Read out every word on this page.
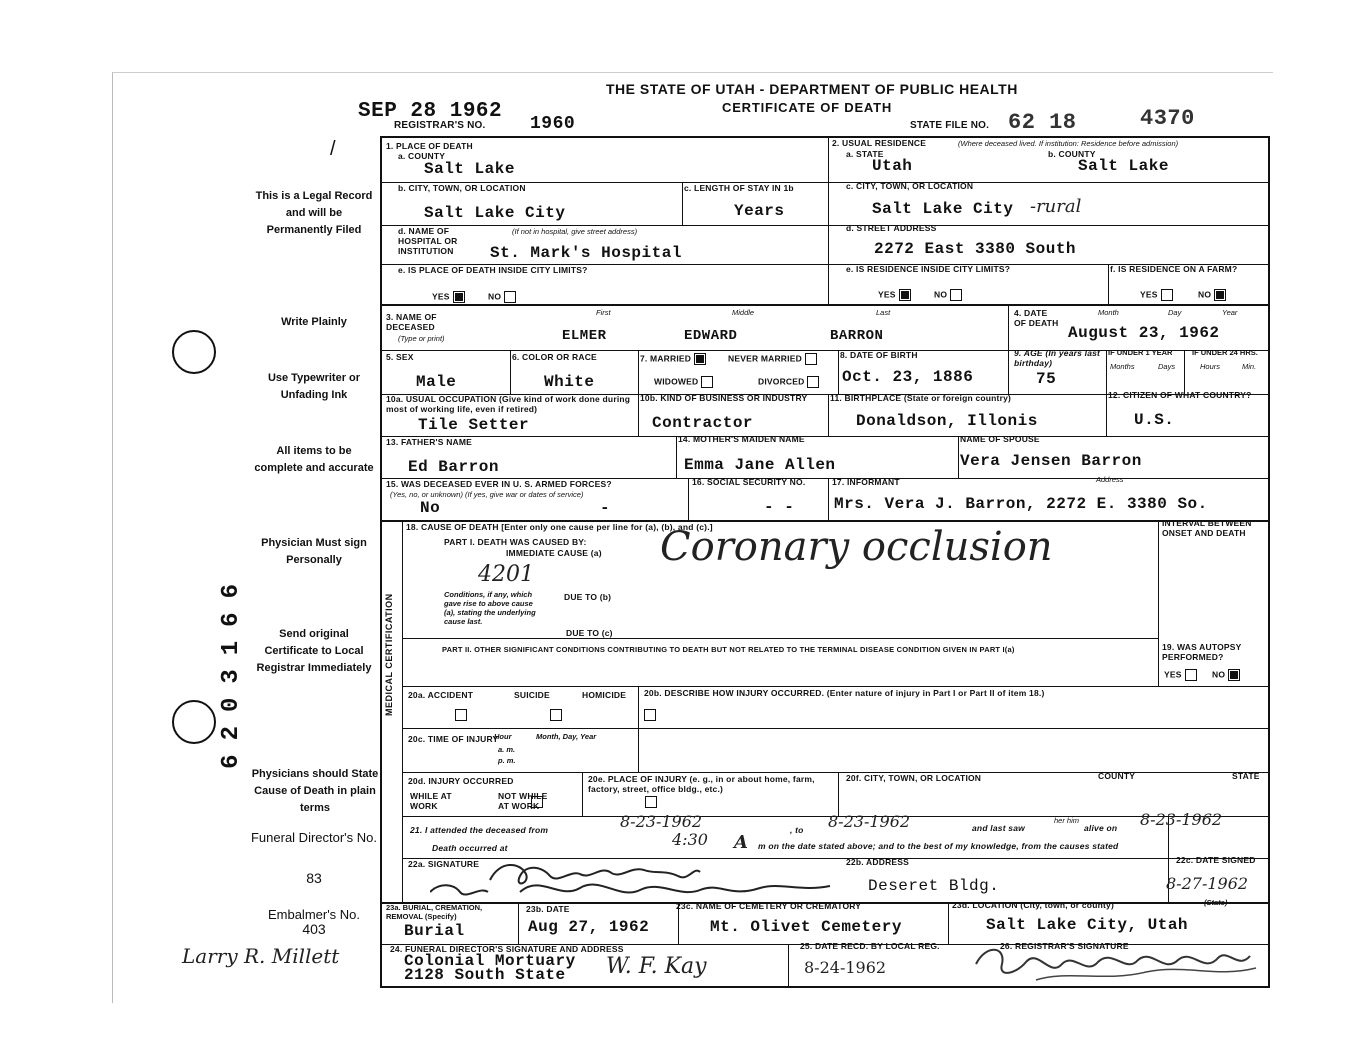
THE STATE OF UTAH - DEPARTMENT OF PUBLIC HEALTH
CERTIFICATE OF DEATH
SEP 28 1962
REGISTRAR'S NO. 1960	STATE FILE NO. 62 18	4370
/
This is a Legal Record and will be Permanently Filed
Write Plainly
Use Typewriter or Unfading Ink
All items to be complete and accurate
Physician Must sign Personally
Send original Certificate to Local Registrar Immediately
Physicians should State Cause of Death in plain terms
Funeral Director's No.
83
Embalmer's No.
403
Larry R. Millett
6203166
1. PLACE OF DEATH
a. COUNTY
Salt Lake
2. USUAL RESIDENCE	(Where deceased lived. If institution: Residence before admission)
a. STATE	b. COUNTY
Utah	Salt Lake
b. CITY, TOWN, OR LOCATION
Salt Lake City
c. LENGTH OF STAY IN 1b
Years
c. CITY, TOWN, OR LOCATION
Salt Lake City -rural
d. NAME OF HOSPITAL OR INSTITUTION
(If not in hospital, give street address)
St. Mark's Hospital
d. STREET ADDRESS
2272 East 3380 South
e. IS PLACE OF DEATH INSIDE CITY LIMITS?
YES	NO
e. IS RESIDENCE INSIDE CITY LIMITS?
YES	NO
f. IS RESIDENCE ON A FARM?
YES	NO
3. NAME OF DECEASED
(Type or print)
First	Middle	Last
ELMER	EDWARD	BARRON
4. DATE OF DEATH
Month	Day	Year
August 23, 1962
5. SEX
Male
6. COLOR OR RACE
White
7. MARRIED	NEVER MARRIED
WIDOWED	DIVORCED
8. DATE OF BIRTH
Oct. 23, 1886
9. AGE (In years last birthday)
75
IF UNDER 1 YEAR	IF UNDER 24 HRS.
Months	Days	Hours	Min.
10a. USUAL OCCUPATION (Give kind of work done during most of working life, even if retired)
Tile Setter
10b. KIND OF BUSINESS OR INDUSTRY
Contractor
11. BIRTHPLACE (State or foreign country)
Donaldson, Illonis
12. CITIZEN OF WHAT COUNTRY?
U.S.
13. FATHER'S NAME
Ed Barron
14. MOTHER'S MAIDEN NAME
Emma Jane Allen
NAME OF SPOUSE
Vera Jensen Barron
15. WAS DECEASED EVER IN U. S. ARMED FORCES?
(Yes, no, or unknown) (If yes, give war or dates of service)
No	-
16. SOCIAL SECURITY NO.
- -
17. INFORMANT	Address
Mrs. Vera J. Barron, 2272 E. 3380 So.
MEDICAL CERTIFICATION
18. CAUSE OF DEATH [Enter only one cause per line for (a), (b), and (c).]
PART I. DEATH WAS CAUSED BY:
IMMEDIATE CAUSE (a) Coronary occlusion
4201
INTERVAL BETWEEN ONSET AND DEATH
Conditions, if any, which gave rise to above cause (a), stating the underlying cause last.
DUE TO (b)
DUE TO (c)
PART II. OTHER SIGNIFICANT CONDITIONS CONTRIBUTING TO DEATH BUT NOT RELATED TO THE TERMINAL DISEASE CONDITION GIVEN IN PART I(a)	19. WAS AUTOPSY PERFORMED?
YES	NO
20a. ACCIDENT	SUICIDE	HOMICIDE
20b. DESCRIBE HOW INJURY OCCURRED. (Enter nature of injury in Part I or Part II of item 18.)
20c. TIME OF INJURY
Hour
a. m.
p. m.
Month, Day, Year
20d. INJURY OCCURRED
WHILE AT WORK

NOT WHILE AT WORK
20e. PLACE OF INJURY (e. g., in or about home, farm, factory, street, office bldg., etc.)
20f. CITY, TOWN, OR LOCATION	COUNTY	STATE
21. I attended the deceased from	8-23-1962	, to 8-23-1962	and last saw
her him
alive on 8-23-1962
Death occurred at	4:30 A m on the date stated above; and to the best of my knowledge, from the causes stated
22a. SIGNATURE	22b. ADDRESS
Deseret Bldg.
22c. DATE SIGNED
8-27-1962
23a. BURIAL, CREMATION, REMOVAL (Specify)
Burial
23b. DATE
Aug 27, 1962
23c. NAME OF CEMETERY OR CREMATORY
Mt. Olivet Cemetery
23d. LOCATION (City, town, or county)	(State)
Salt Lake City, Utah
24. FUNERAL DIRECTOR'S SIGNATURE AND ADDRESS
Colonial Mortuary
2128 South State W. F. Kay
25. DATE RECD. BY LOCAL REG.
8-24-1962
26. REGISTRAR'S SIGNATURE
